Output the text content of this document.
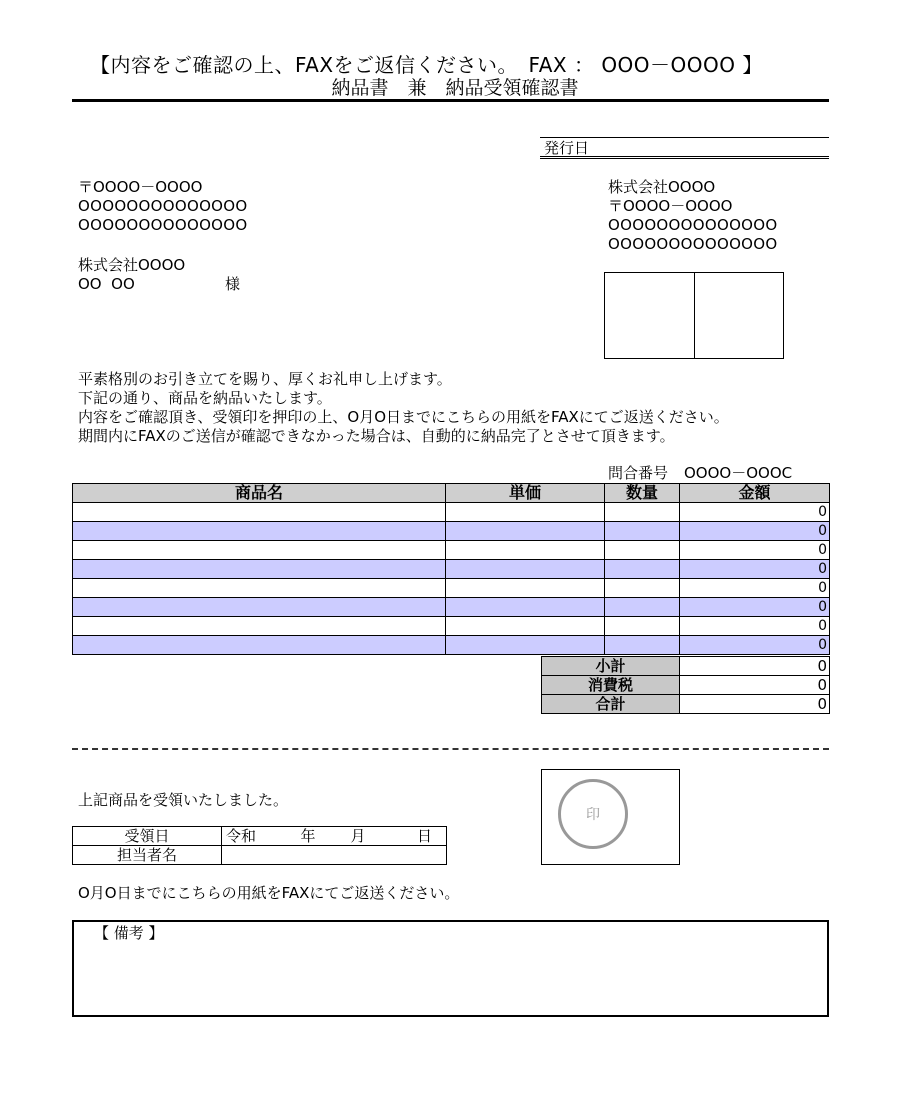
【内容をご確認の上、FAXをご返信ください。　FAX ： OOO－OOOO 】
納品書　兼　納品受領確認書
発行日
〒OOOO－OOOO
OOOOOOOOOOOOOO
OOOOOOOOOOOOOO
株式会社OOOO
OO  OO	様
株式会社OOOO
〒OOOO－OOOO
OOOOOOOOOOOOOO
OOOOOOOOOOOOOO
平素格別のお引き立てを賜り、厚くお礼申し上げます。
下記の通り、商品を納品いたします。
内容をご確認頂き、受領印を押印の上、O月O日までにこちらの用紙をFAXにてご返送ください。
期間内にFAXのご送信が確認できなかった場合は、自動的に納品完了とさせて頂きます。
問合番号 OOOO－OOOC
商品名	単価	数量	金額
			0
			0
			0
			0
			0
			0
			0
			0
小計	0
消費税	0
合計	0
上記商品を受領いたしました。
印
受領日	令和	年	月	日
担当者名				
O月O日までにこちらの用紙をFAXにてご返送ください。
【 備考 】
